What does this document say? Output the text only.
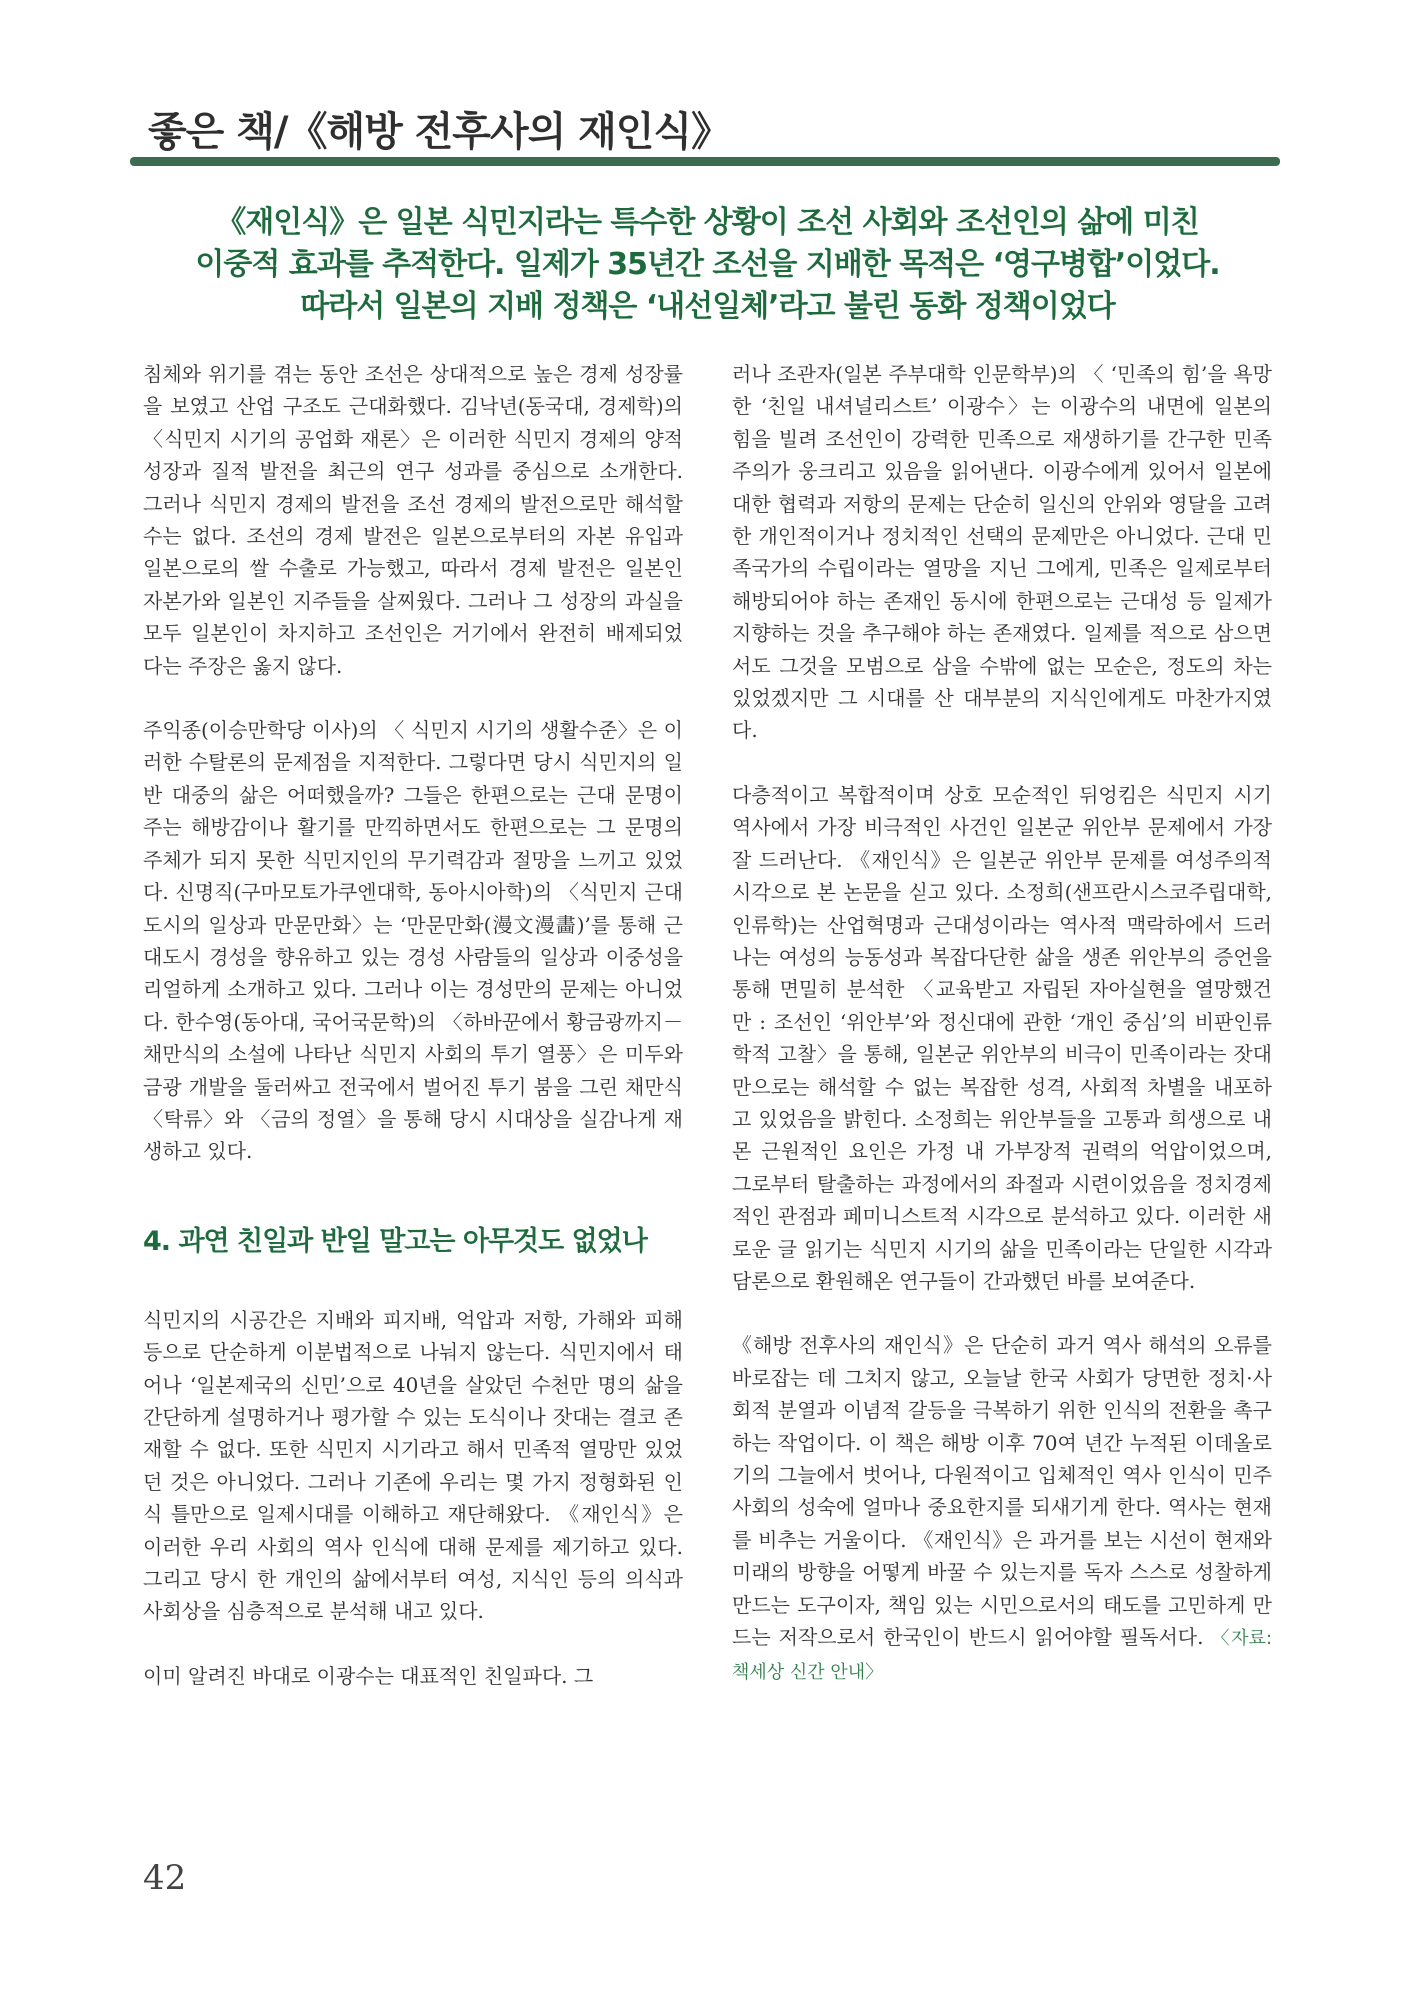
좋은 책/《해방 전후사의 재인식》

《재인식》은 일본 식민지라는 특수한 상황이 조선 사회와 조선인의 삶에 미친

이중적 효과를 추적한다. 일제가 35년간 조선을 지배한 목적은 ‘영구병합’이었다.

따라서 일본의 지배 정책은 ‘내선일체’라고 불린 동화 정책이었다

침체와 위기를 겪는 동안 조선은 상대적으로 높은 경제 성장률을 보였고 산업 구조도 근대화했다. 김낙년(동국대, 경제학)의 〈식민지 시기의 공업화 재론〉은 이러한 식민지 경제의 양적 성장과 질적 발전을 최근의 연구 성과를 중심으로 소개한다. 그러나 식민지 경제의 발전을 조선 경제의 발전으로만 해석할 수는 없다. 조선의 경제 발전은 일본으로부터의 자본 유입과 일본으로의 쌀 수출로 가능했고, 따라서 경제 발전은 일본인 자본가와 일본인 지주들을 살찌웠다. 그러나 그 성장의 과실을 모두 일본인이 차지하고 조선인은 거기에서 완전히 배제되었다는 주장은 옳지 않다.

주익종(이승만학당 이사)의 〈 식민지 시기의 생활수준〉은 이러한 수탈론의 문제점을 지적한다. 그렇다면 당시 식민지의 일반 대중의 삶은 어떠했을까? 그들은 한편으로는 근대 문명이 주는 해방감이나 활기를 만끽하면서도 한편으로는 그 문명의 주체가 되지 못한 식민지인의 무기력감과 절망을 느끼고 있었다. 신명직(구마모토가쿠엔대학, 동아시아학)의 〈식민지 근대도시의 일상과 만문만화〉는 ‘만문만화(漫文漫畵)’를 통해 근대도시 경성을 향유하고 있는 경성 사람들의 일상과 이중성을 리얼하게 소개하고 있다. 그러나 이는 경성만의 문제는 아니었다. 한수영(동아대, 국어국문학)의 〈하바꾼에서 황금광까지－채만식의 소설에 나타난 식민지 사회의 투기 열풍〉은 미두와 금광 개발을 둘러싸고 전국에서 벌어진 투기 붐을 그린 채만식 〈탁류〉와 〈금의 정열〉을 통해 당시 시대상을 실감나게 재생하고 있다.

4. 과연 친일과 반일 말고는 아무것도 없었나

식민지의 시공간은 지배와 피지배, 억압과 저항, 가해와 피해 등으로 단순하게 이분법적으로 나눠지 않는다. 식민지에서 태어나 ‘일본제국의 신민’으로 40년을 살았던 수천만 명의 삶을 간단하게 설명하거나 평가할 수 있는 도식이나 잣대는 결코 존재할 수 없다. 또한 식민지 시기라고 해서 민족적 열망만 있었던 것은 아니었다. 그러나 기존에 우리는 몇 가지 정형화된 인식 틀만으로 일제시대를 이해하고 재단해왔다. 《재인식》은 이러한 우리 사회의 역사 인식에 대해 문제를 제기하고 있다. 그리고 당시 한 개인의 삶에서부터 여성, 지식인 등의 의식과 사회상을 심층적으로 분석해 내고 있다.

이미 알려진 바대로 이광수는 대표적인 친일파다. 그

러나 조관자(일본 주부대학 인문학부)의 〈 ‘민족의 힘’을 욕망한 ‘친일 내셔널리스트’ 이광수〉는 이광수의 내면에 일본의 힘을 빌려 조선인이 강력한 민족으로 재생하기를 간구한 민족주의가 웅크리고 있음을 읽어낸다. 이광수에게 있어서 일본에 대한 협력과 저항의 문제는 단순히 일신의 안위와 영달을 고려한 개인적이거나 정치적인 선택의 문제만은 아니었다. 근대 민족국가의 수립이라는 열망을 지닌 그에게, 민족은 일제로부터 해방되어야 하는 존재인 동시에 한편으로는 근대성 등 일제가 지향하는 것을 추구해야 하는 존재였다. 일제를 적으로 삼으면서도 그것을 모범으로 삼을 수밖에 없는 모순은, 정도의 차는 있었겠지만 그 시대를 산 대부분의 지식인에게도 마찬가지였다.

다층적이고 복합적이며 상호 모순적인 뒤엉킴은 식민지 시기 역사에서 가장 비극적인 사건인 일본군 위안부 문제에서 가장 잘 드러난다. 《재인식》은 일본군 위안부 문제를 여성주의적 시각으로 본 논문을 싣고 있다. 소정희(샌프란시스코주립대학, 인류학)는 산업혁명과 근대성이라는 역사적 맥락하에서 드러나는 여성의 능동성과 복잡다단한 삶을 생존 위안부의 증언을 통해 면밀히 분석한 〈교육받고 자립된 자아실현을 열망했건만 : 조선인 ‘위안부’와 정신대에 관한 ‘개인 중심’의 비판인류학적 고찰〉을 통해, 일본군 위안부의 비극이 민족이라는 잣대만으로는 해석할 수 없는 복잡한 성격, 사회적 차별을 내포하고 있었음을 밝힌다. 소정희는 위안부들을 고통과 희생으로 내몬 근원적인 요인은 가정 내 가부장적 권력의 억압이었으며, 그로부터 탈출하는 과정에서의 좌절과 시련이었음을 정치경제적인 관점과 페미니스트적 시각으로 분석하고 있다. 이러한 새로운 글 읽기는 식민지 시기의 삶을 민족이라는 단일한 시각과 담론으로 환원해온 연구들이 간과했던 바를 보여준다.

《해방 전후사의 재인식》은 단순히 과거 역사 해석의 오류를 바로잡는 데 그치지 않고, 오늘날 한국 사회가 당면한 정치·사회적 분열과 이념적 갈등을 극복하기 위한 인식의 전환을 촉구하는 작업이다. 이 책은 해방 이후 70여 년간 누적된 이데올로기의 그늘에서 벗어나, 다원적이고 입체적인 역사 인식이 민주 사회의 성숙에 얼마나 중요한지를 되새기게 한다. 역사는 현재를 비추는 거울이다. 《재인식》은 과거를 보는 시선이 현재와 미래의 방향을 어떻게 바꿀 수 있는지를 독자 스스로 성찰하게 만드는 도구이자, 책임 있는 시민으로서의 태도를 고민하게 만드는 저작으로서 한국인이 반드시 읽어야할 필독서다. 〈자료:책세상 신간 안내〉

42
